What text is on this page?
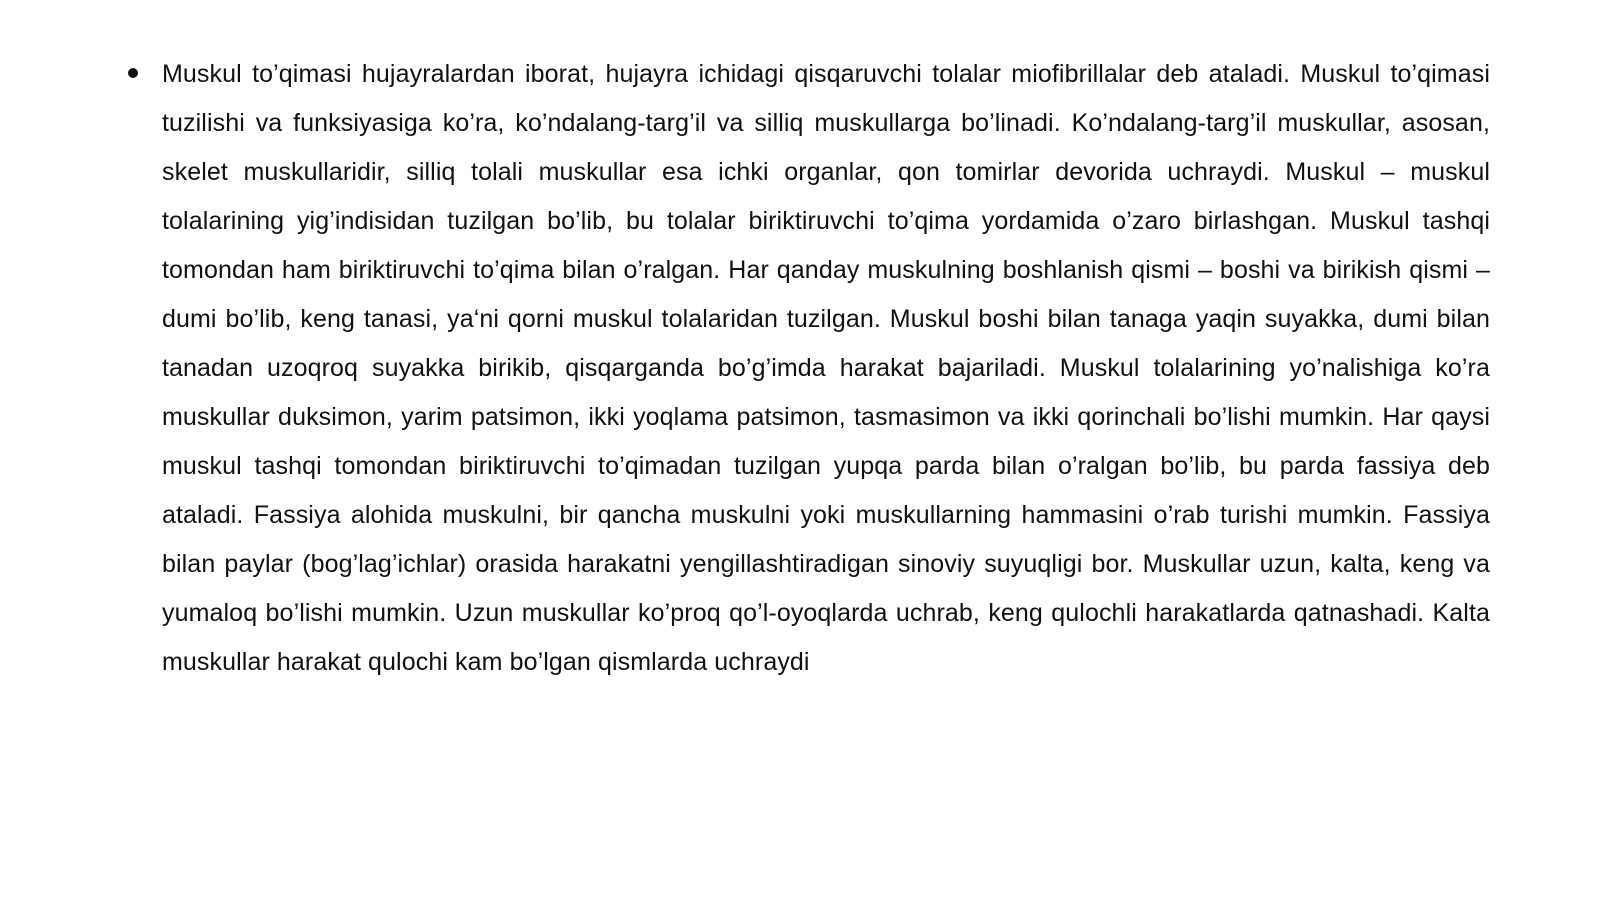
Muskul to’qimasi hujayralardan iborat, hujayra ichidagi qisqaruvchi tolalar miofibrillalar deb ataladi. Muskul to’qimasi tuzilishi va funksiyasiga ko’ra, ko’ndalang-targ’il va silliq muskullarga bo’linadi. Ko’ndalang-targ’il muskullar, asosan, skelet muskullaridir, silliq tolali muskullar esa ichki organlar, qon tomirlar devorida uchraydi. Muskul – muskul tolalarining yig’indisidan tuzilgan bo’lib, bu tolalar biriktiruvchi to’qima yordamida o’zaro birlashgan. Muskul tashqi tomondan ham biriktiruvchi to’qima bilan o’ralgan. Har qanday muskulning boshlanish qismi – boshi va birikish qismi – dumi bo’lib, keng tanasi, ya‘ni qorni muskul tolalaridan tuzilgan. Muskul boshi bilan tanaga yaqin suyakka, dumi bilan tanadan uzoqroq suyakka birikib, qisqarganda bo’g’imda harakat bajariladi. Muskul tolalarining yo’nalishiga ko’ra muskullar duksimon, yarim patsimon, ikki yoqlama patsimon, tasmasimon va ikki qorinchali bo’lishi mumkin. Har qaysi muskul tashqi tomondan biriktiruvchi to’qimadan tuzilgan yupqa parda bilan o’ralgan bo’lib, bu parda fassiya deb ataladi. Fassiya alohida muskulni, bir qancha muskulni yoki muskullarning hammasini o’rab turishi mumkin. Fassiya bilan paylar (bog’lag’ichlar) orasida harakatni yengillashtiradigan sinoviy suyuqligi bor. Muskullar uzun, kalta, keng va yumaloq bo’lishi mumkin. Uzun muskullar ko’proq qo’l-oyoqlarda uchrab, keng qulochli harakatlarda qatnashadi. Kalta muskullar harakat qulochi kam bo’lgan qismlarda uchraydi
